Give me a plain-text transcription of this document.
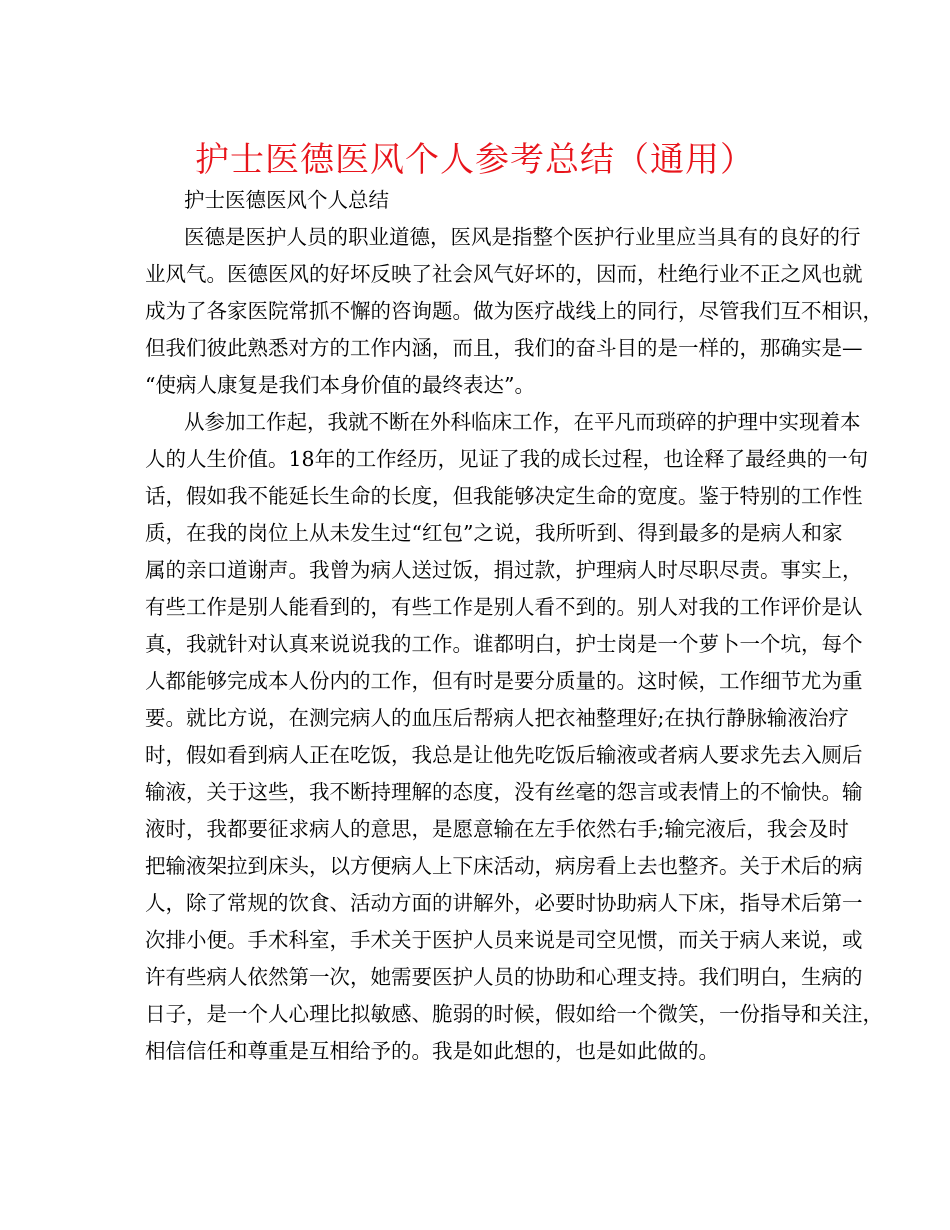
护士医德医风个人参考总结（通用）
护士医德医风个人总结
医德是医护人员的职业道德，医风是指整个医护行业里应当具有的良好的行
业风气。医德医风的好坏反映了社会风气好坏的，因而，杜绝行业不正之风也就
成为了各家医院常抓不懈的咨询题。做为医疗战线上的同行，尽管我们互不相识，
但我们彼此熟悉对方的工作内涵，而且，我们的奋斗目的是一样的，那确实是—
“使病人康复是我们本身价值的最终表达”。
从参加工作起，我就不断在外科临床工作，在平凡而琐碎的护理中实现着本
人的人生价值。18年的工作经历，见证了我的成长过程，也诠释了最经典的一句
话，假如我不能延长生命的长度，但我能够决定生命的宽度。鉴于特别的工作性
质，在我的岗位上从未发生过“红包”之说，我所听到、得到最多的是病人和家
属的亲口道谢声。我曾为病人送过饭，捐过款，护理病人时尽职尽责。事实上，
有些工作是别人能看到的，有些工作是别人看不到的。别人对我的工作评价是认
真，我就针对认真来说说我的工作。谁都明白，护士岗是一个萝卜一个坑，每个
人都能够完成本人份内的工作，但有时是要分质量的。这时候，工作细节尤为重
要。就比方说，在测完病人的血压后帮病人把衣袖整理好;在执行静脉输液治疗
时，假如看到病人正在吃饭，我总是让他先吃饭后输液或者病人要求先去入厕后
输液，关于这些，我不断持理解的态度，没有丝毫的怨言或表情上的不愉快。输
液时，我都要征求病人的意思，是愿意输在左手依然右手;输完液后，我会及时
把输液架拉到床头，以方便病人上下床活动，病房看上去也整齐。关于术后的病
人，除了常规的饮食、活动方面的讲解外，必要时协助病人下床，指导术后第一
次排小便。手术科室，手术关于医护人员来说是司空见惯，而关于病人来说，或
许有些病人依然第一次，她需要医护人员的协助和心理支持。我们明白，生病的
日子，是一个人心理比拟敏感、脆弱的时候，假如给一个微笑，一份指导和关注，
相信信任和尊重是互相给予的。我是如此想的，也是如此做的。
